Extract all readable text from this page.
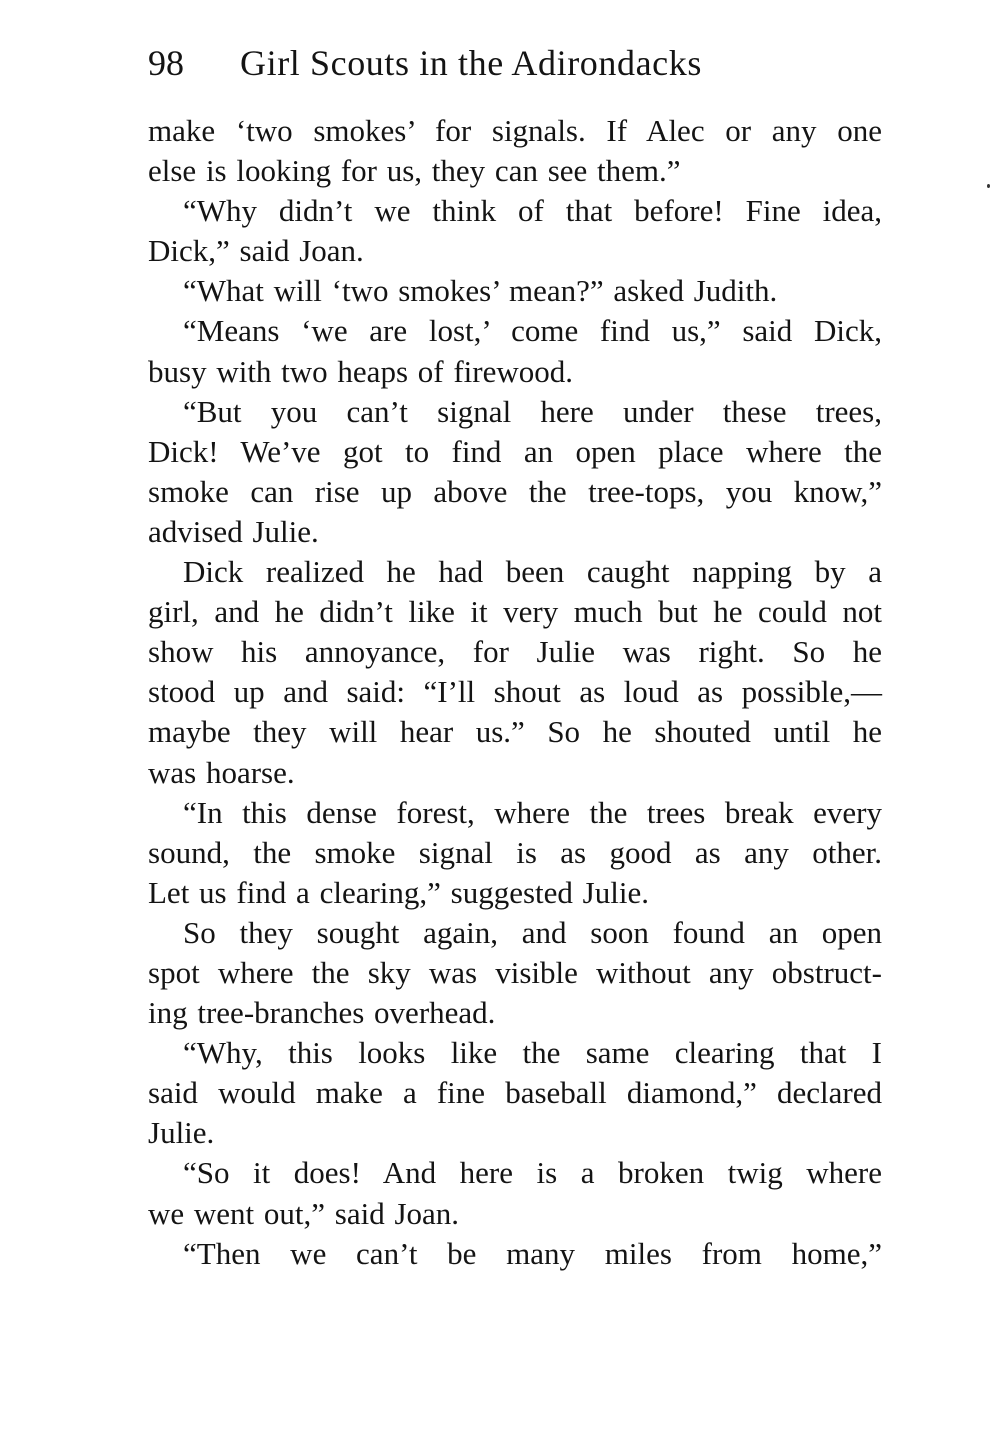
98 Girl Scouts in the Adirondacks
make ‘two smokes’ for signals. If Alec or any one
else is looking for us, they can see them.”
“Why didn’t we think of that before! Fine idea,
Dick,” said Joan.
“What will ‘two smokes’ mean?” asked Judith.
“Means ‘we are lost,’ come find us,” said Dick,
busy with two heaps of firewood.
“But you can’t signal here under these trees,
Dick! We’ve got to find an open place where the
smoke can rise up above the tree-tops, you know,”
advised Julie.
Dick realized he had been caught napping by a
girl, and he didn’t like it very much but he could not
show his annoyance, for Julie was right. So he
stood up and said: “I’ll shout as loud as possible,—
maybe they will hear us.” So he shouted until he
was hoarse.
“In this dense forest, where the trees break every
sound, the smoke signal is as good as any other.
Let us find a clearing,” suggested Julie.
So they sought again, and soon found an open
spot where the sky was visible without any obstruct-
ing tree-branches overhead.
“Why, this looks like the same clearing that I
said would make a fine baseball diamond,” declared
Julie.
“So it does! And here is a broken twig where
we went out,” said Joan.
“Then we can’t be many miles from home,”
